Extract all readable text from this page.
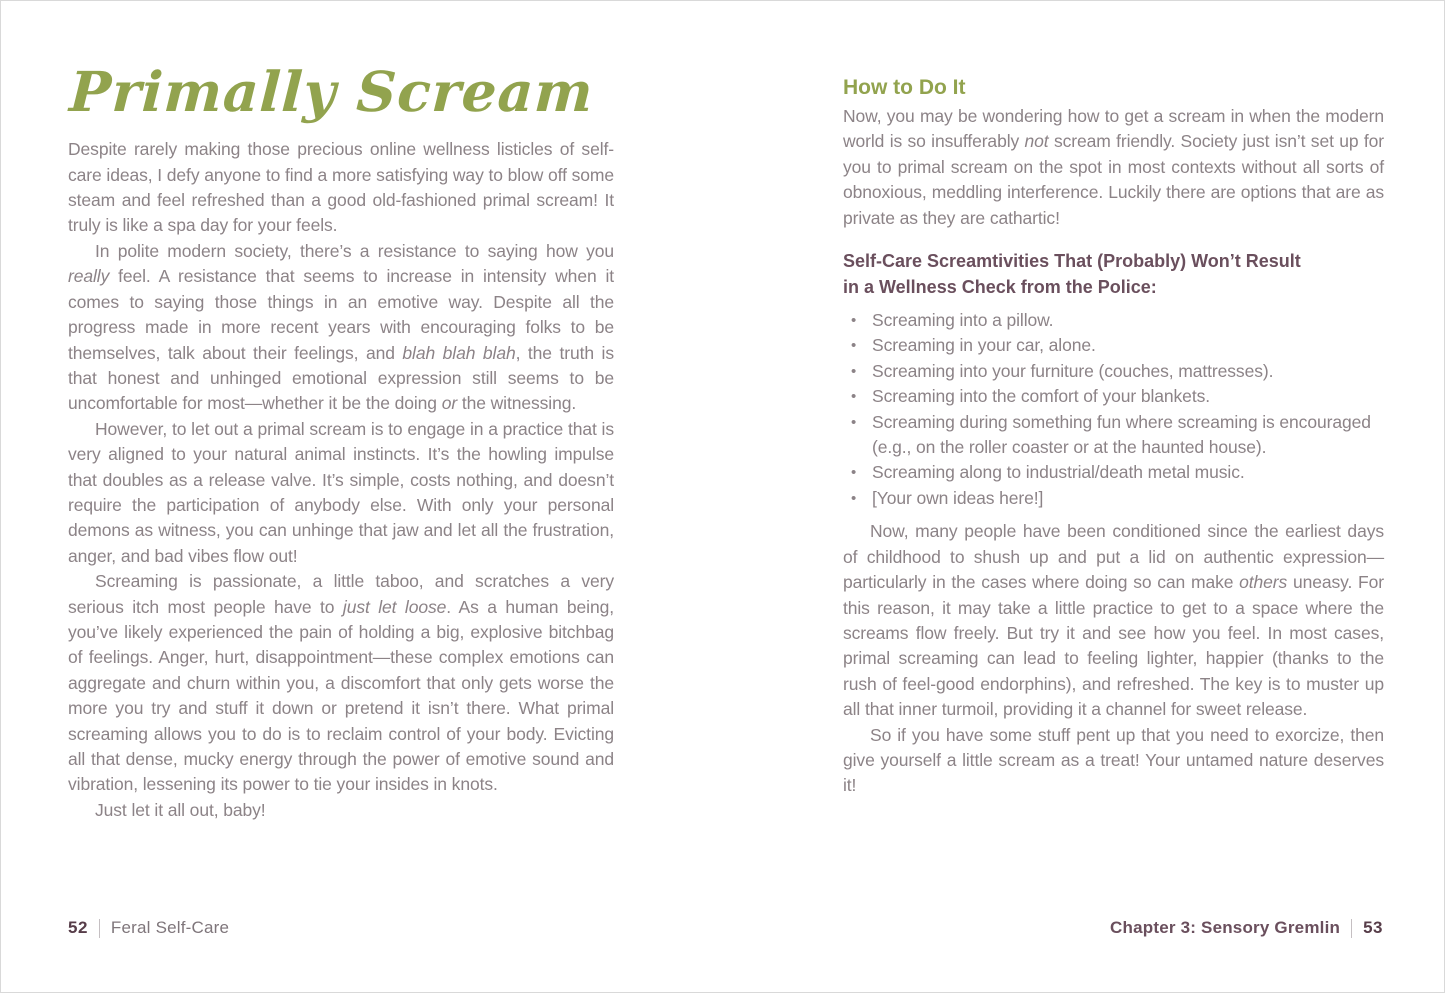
Primally Scream

Despite rarely making those precious online wellness listicles of self-care ideas, I defy anyone to find a more satisfying way to blow off some steam and feel refreshed than a good old-fashioned primal scream! It truly is like a spa day for your feels.

In polite modern society, there’s a resistance to saying how you really feel. A resistance that seems to increase in intensity when it comes to saying those things in an emotive way. Despite all the progress made in more recent years with encouraging folks to be themselves, talk about their feelings, and blah blah blah, the truth is that honest and unhinged emotional expression still seems to be uncomfortable for most—whether it be the doing or the witnessing.

However, to let out a primal scream is to engage in a practice that is very aligned to your natural animal instincts. It’s the howling impulse that doubles as a release valve. It’s simple, costs nothing, and doesn’t require the participation of anybody else. With only your personal demons as witness, you can unhinge that jaw and let all the frustration, anger, and bad vibes flow out!

Screaming is passionate, a little taboo, and scratches a very serious itch most people have to just let loose. As a human being, you’ve likely experienced the pain of holding a big, explosive bitchbag of feelings. Anger, hurt, disappointment—these complex emotions can aggregate and churn within you, a discomfort that only gets worse the more you try and stuff it down or pretend it isn’t there. What primal screaming allows you to do is to reclaim control of your body. Evicting all that dense, mucky energy through the power of emotive sound and vibration, lessening its power to tie your insides in knots.

Just let it all out, baby!

How to Do It

Now, you may be wondering how to get a scream in when the modern world is so insufferably not scream friendly. Society just isn’t set up for you to primal scream on the spot in most contexts without all sorts of obnoxious, meddling interference. Luckily there are options that are as private as they are cathartic!

Self-Care Screamtivities That (Probably) Won’t Result in a Wellness Check from the Police:
• Screaming into a pillow.
• Screaming in your car, alone.
• Screaming into your furniture (couches, mattresses).
• Screaming into the comfort of your blankets.
• Screaming during something fun where screaming is encouraged (e.g., on the roller coaster or at the haunted house).
• Screaming along to industrial/death metal music.
• [Your own ideas here!]

Now, many people have been conditioned since the earliest days of childhood to shush up and put a lid on authentic expression—particularly in the cases where doing so can make others uneasy. For this reason, it may take a little practice to get to a space where the screams flow freely. But try it and see how you feel. In most cases, primal screaming can lead to feeling lighter, happier (thanks to the rush of feel-good endorphins), and refreshed. The key is to muster up all that inner turmoil, providing it a channel for sweet release.

So if you have some stuff pent up that you need to exorcize, then give yourself a little scream as a treat! Your untamed nature deserves it!

52 Feral Self-Care	Chapter 3: Sensory Gremlin 53
